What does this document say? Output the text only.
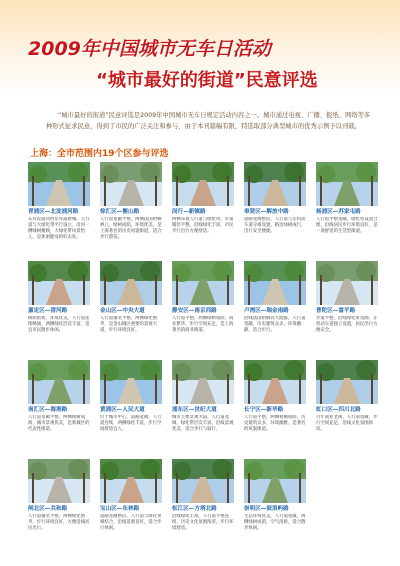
2009年中国城市无车日活动
“城市最好的街道”民意评选
“城市最好的街道”民意评选是2009年中国城市无车日规定活动内容之一。城市通过电视、广播、报纸、网络等多种形式征求民意，得到了市民的广泛关注和参与，由于本刊篇幅有限，特选取部分典型城市的优秀示例予以刊载。
上海：全市范围内19个区参与评选
青浦区—北淀浦河路
东对淀浦河西岸青浦新城，人行道与大绿化带平行设立，沿河一侧绿树掩映，大绿化带风景怡人，是休闲健身的好去处。
徐汇区—衡山路
人行道宽敞平整，两侧法国梧桐林立，绿树成荫，环境优美，是上海著名的历史风貌街道，适合步行游览。
闵行—新镇路
两侧布置人行道与绿化带，步道铺装平整，沿线绿化丰富，市民步行出行方便舒适。
奉贤区—解放中路
道路宽阔整洁，人行道与非机动车道分离设置，路边绿树成行，出行安全便捷。
杨浦区—苏家屯路
人行道平整宽敞，绿化带设置合理，沿线居民步行环境良好，是一条舒适的生活型街道。
嘉定区—清河路
树荫浓密，环境优美，人行道连续畅通，两侧绿化层次丰富，适宜市民散步休闲。
金山区—中央大道
人行道铺装平整，两侧绿化整齐，是金山城区重要的景观大道，步行环境良好。
静安区—南京西路
人行道平整，两侧绿树成荫，商业繁华，步行空间充足，是上海著名的商业街道。
卢湾区—瑞金南路
沿线法国梧桐高大挺拔，人行道宽敞，历史建筑众多，环境幽静，适合步行。
普陀区—富平路
步道平整，沿线绿化带宽阔，非机动车道独立设置，居民出行方便安全。
南汇区—海港路
人行道宽敞平整，两侧绿树成荫，城市景观优美，是新城区的代表性街道。
黄浦区—人民大道
位于城市中心，道路宽阔，人行道连续，两侧绿化丰富，步行空间舒适宜人。
浦东区—世纪大道
城市主要景观大道，人行道宽阔，绿化带层次丰富，沿线景观优美，适合步行与骑行。
长宁区—新华路
人行道平整，两侧梧桐成荫，历史建筑众多，环境幽雅，是著名的风貌街道。
虹口区—四川北路
百年商业老街，人行道宽敞，步行空间充足，沿线文化氛围浓厚。
闸北区—共和路
人行道铺装平整，两侧绿化整齐，步行环境良好，方便沿线居民出行。
宝山区—东林路
道路宽敞整洁，人行道与绿化带相结合，沿线景观良好，适合步行休闲。
松江区—方塔北路
沿线绿化丰富，人行道平整连续，历史文化氛围浓厚，步行环境舒适。
崇明区—鼓浪屿路
生态环境优美，人行道宽敞，两侧绿树成荫，空气清新，适合散步休闲。
